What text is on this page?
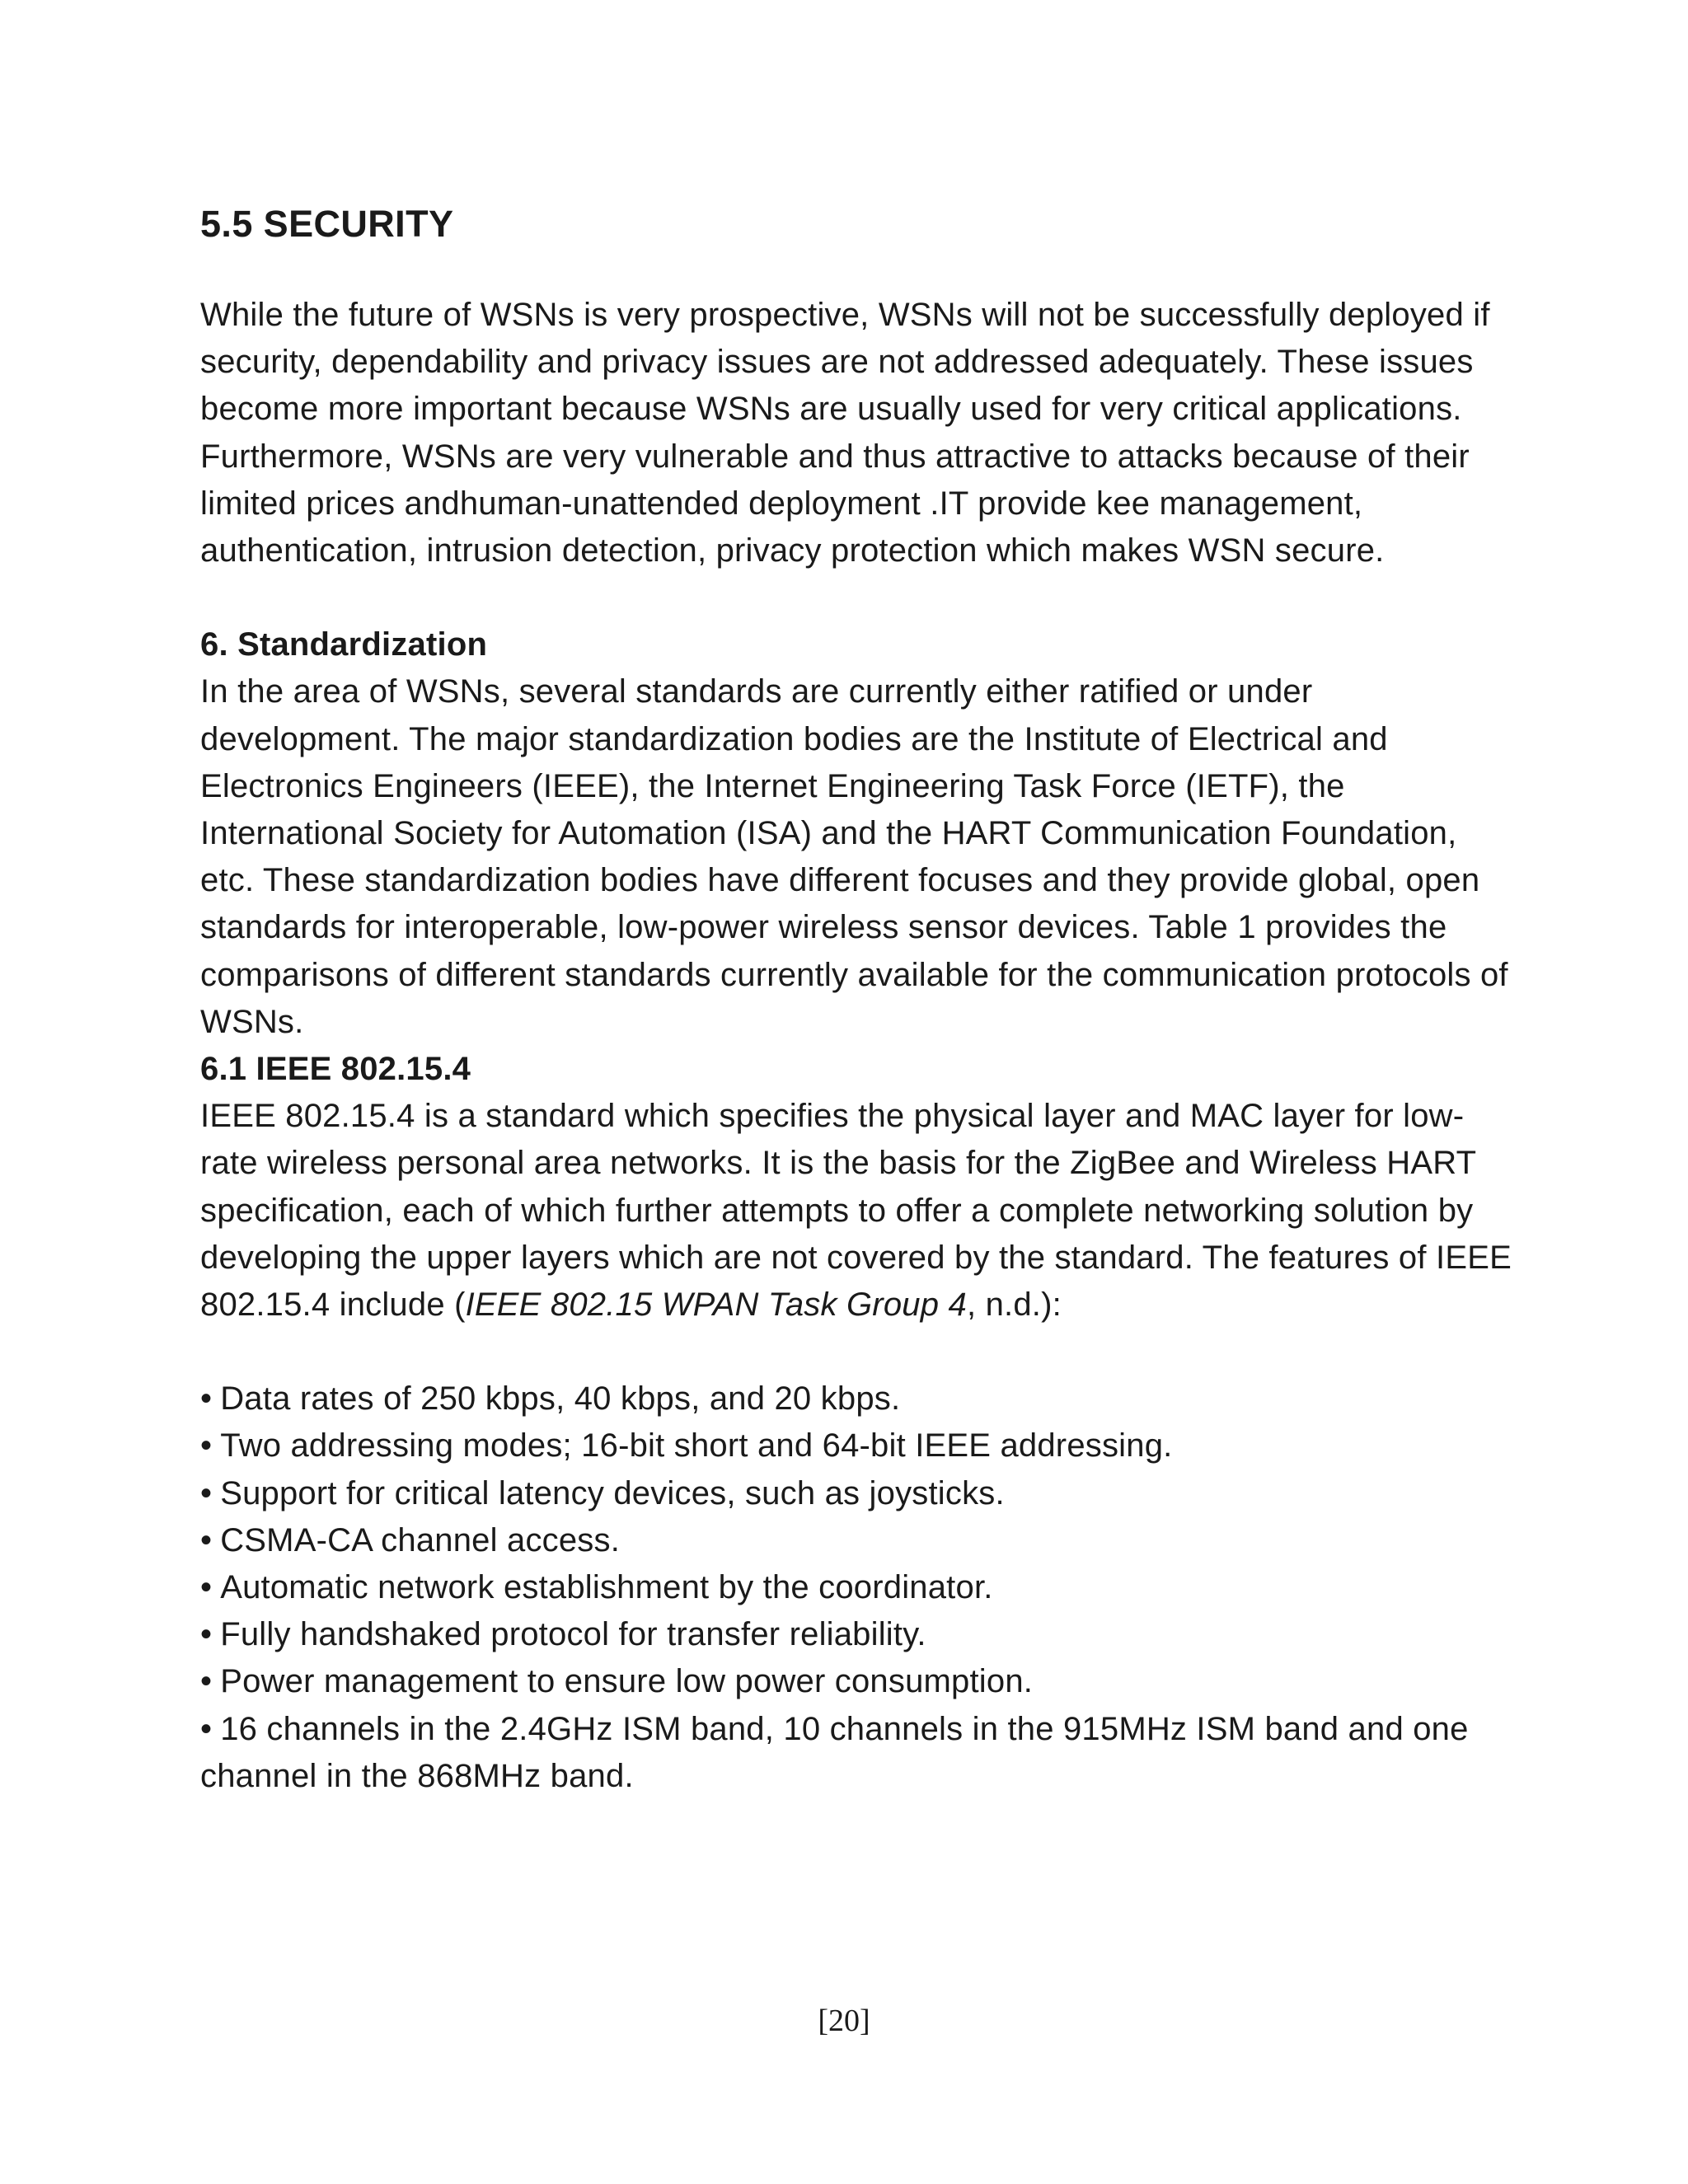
5.5 SECURITY

While the future of WSNs is very prospective, WSNs will not be successfully deployed if security, dependability and privacy issues are not addressed adequately. These issues become more important because WSNs are usually used for very critical applications. Furthermore, WSNs are very vulnerable and thus attractive to attacks because of their limited prices andhuman-unattended deployment .IT provide kee management, authentication, intrusion detection, privacy protection which makes WSN secure.

6. Standardization

In the area of WSNs, several standards are currently either ratified or under development. The major standardization bodies are the Institute of Electrical and Electronics Engineers (IEEE), the Internet Engineering Task Force (IETF), the International Society for Automation (ISA) and the HART Communication Foundation, etc. These standardization bodies have different focuses and they provide global, open standards for interoperable, low-power wireless sensor devices. Table 1 provides the comparisons of different standards currently available for the communication protocols of WSNs.

6.1 IEEE 802.15.4

IEEE 802.15.4 is a standard which specifies the physical layer and MAC layer for low-rate wireless personal area networks. It is the basis for the ZigBee and Wireless HART specification, each of which further attempts to offer a complete networking solution by developing the upper layers which are not covered by the standard. The features of IEEE 802.15.4 include (IEEE 802.15 WPAN Task Group 4, n.d.):

• Data rates of 250 kbps, 40 kbps, and 20 kbps.
• Two addressing modes; 16-bit short and 64-bit IEEE addressing.
• Support for critical latency devices, such as joysticks.
• CSMA-CA channel access.
• Automatic network establishment by the coordinator.
• Fully handshaked protocol for transfer reliability.
• Power management to ensure low power consumption.
• 16 channels in the 2.4GHz ISM band, 10 channels in the 915MHz ISM band and one channel in the 868MHz band.
[20]
